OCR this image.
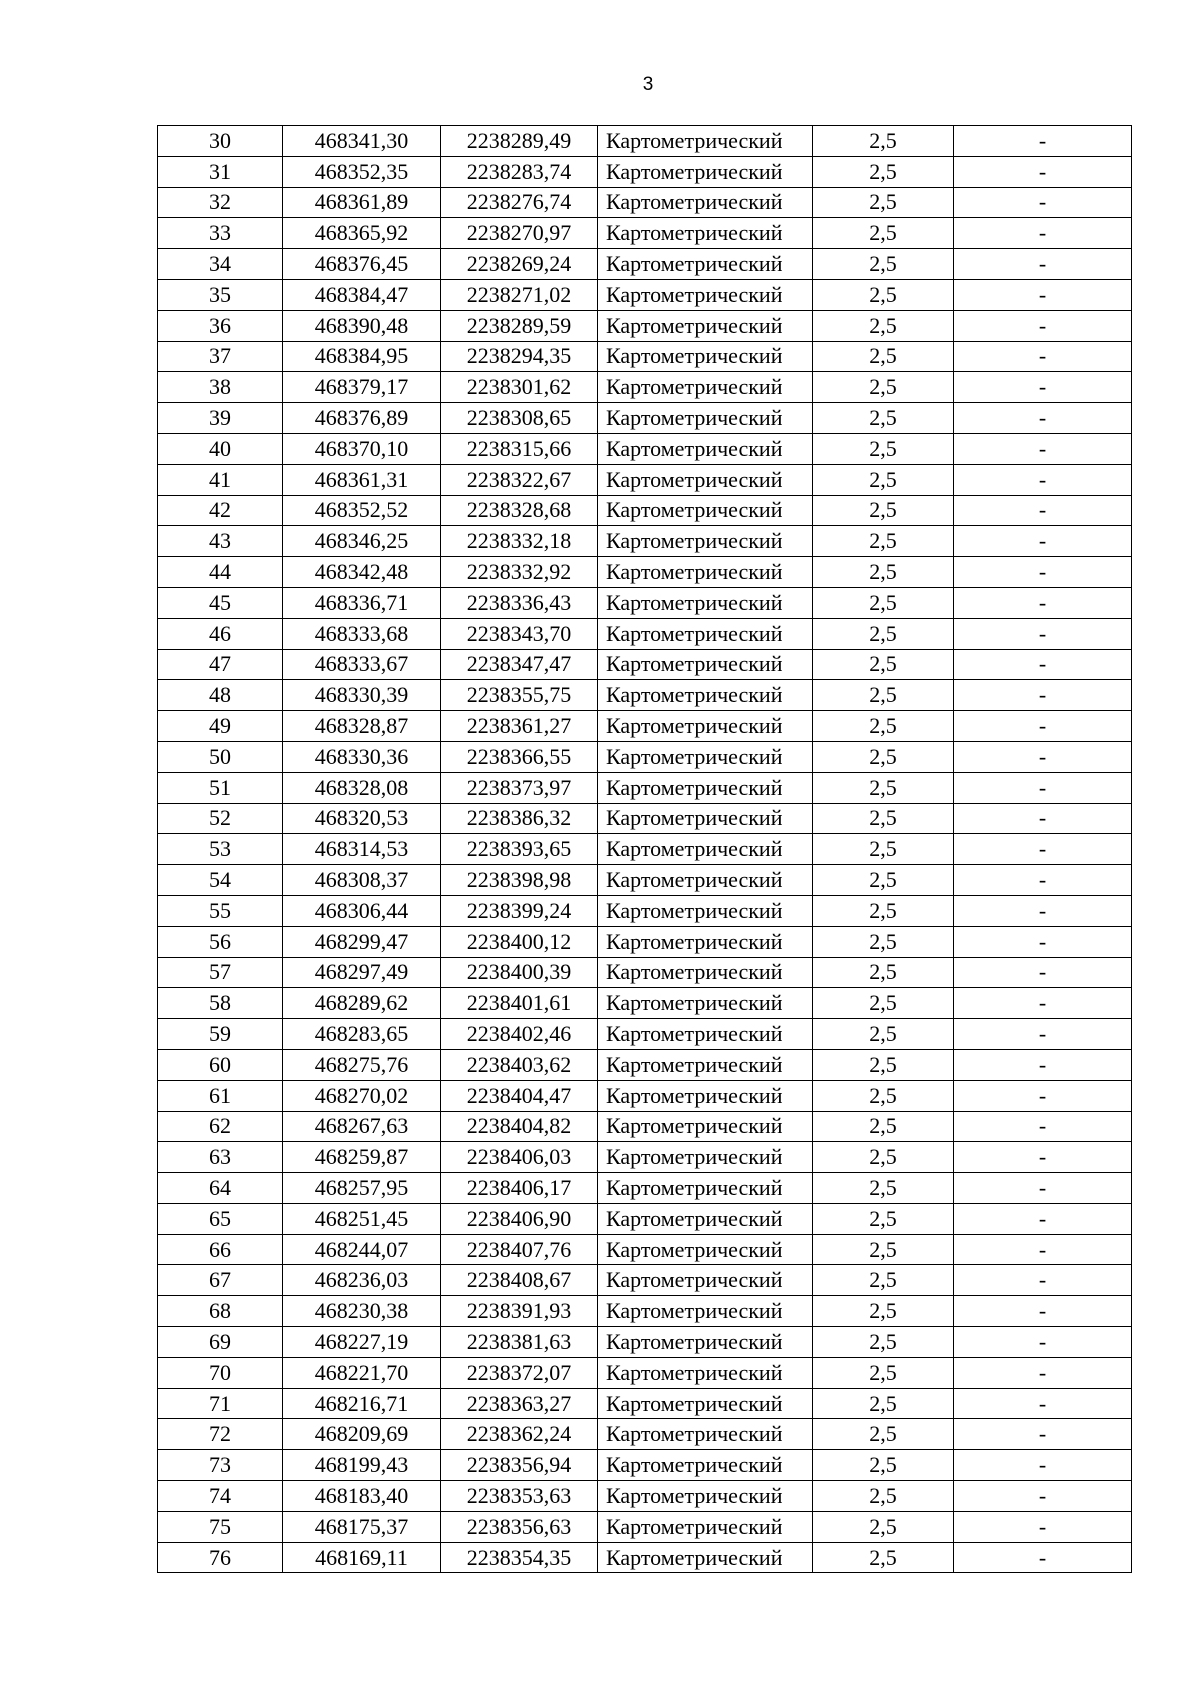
3
30	468341,30	2238289,49	Картометрический	2,5	-
31	468352,35	2238283,74	Картометрический	2,5	-
32	468361,89	2238276,74	Картометрический	2,5	-
33	468365,92	2238270,97	Картометрический	2,5	-
34	468376,45	2238269,24	Картометрический	2,5	-
35	468384,47	2238271,02	Картометрический	2,5	-
36	468390,48	2238289,59	Картометрический	2,5	-
37	468384,95	2238294,35	Картометрический	2,5	-
38	468379,17	2238301,62	Картометрический	2,5	-
39	468376,89	2238308,65	Картометрический	2,5	-
40	468370,10	2238315,66	Картометрический	2,5	-
41	468361,31	2238322,67	Картометрический	2,5	-
42	468352,52	2238328,68	Картометрический	2,5	-
43	468346,25	2238332,18	Картометрический	2,5	-
44	468342,48	2238332,92	Картометрический	2,5	-
45	468336,71	2238336,43	Картометрический	2,5	-
46	468333,68	2238343,70	Картометрический	2,5	-
47	468333,67	2238347,47	Картометрический	2,5	-
48	468330,39	2238355,75	Картометрический	2,5	-
49	468328,87	2238361,27	Картометрический	2,5	-
50	468330,36	2238366,55	Картометрический	2,5	-
51	468328,08	2238373,97	Картометрический	2,5	-
52	468320,53	2238386,32	Картометрический	2,5	-
53	468314,53	2238393,65	Картометрический	2,5	-
54	468308,37	2238398,98	Картометрический	2,5	-
55	468306,44	2238399,24	Картометрический	2,5	-
56	468299,47	2238400,12	Картометрический	2,5	-
57	468297,49	2238400,39	Картометрический	2,5	-
58	468289,62	2238401,61	Картометрический	2,5	-
59	468283,65	2238402,46	Картометрический	2,5	-
60	468275,76	2238403,62	Картометрический	2,5	-
61	468270,02	2238404,47	Картометрический	2,5	-
62	468267,63	2238404,82	Картометрический	2,5	-
63	468259,87	2238406,03	Картометрический	2,5	-
64	468257,95	2238406,17	Картометрический	2,5	-
65	468251,45	2238406,90	Картометрический	2,5	-
66	468244,07	2238407,76	Картометрический	2,5	-
67	468236,03	2238408,67	Картометрический	2,5	-
68	468230,38	2238391,93	Картометрический	2,5	-
69	468227,19	2238381,63	Картометрический	2,5	-
70	468221,70	2238372,07	Картометрический	2,5	-
71	468216,71	2238363,27	Картометрический	2,5	-
72	468209,69	2238362,24	Картометрический	2,5	-
73	468199,43	2238356,94	Картометрический	2,5	-
74	468183,40	2238353,63	Картометрический	2,5	-
75	468175,37	2238356,63	Картометрический	2,5	-
76	468169,11	2238354,35	Картометрический	2,5	-
